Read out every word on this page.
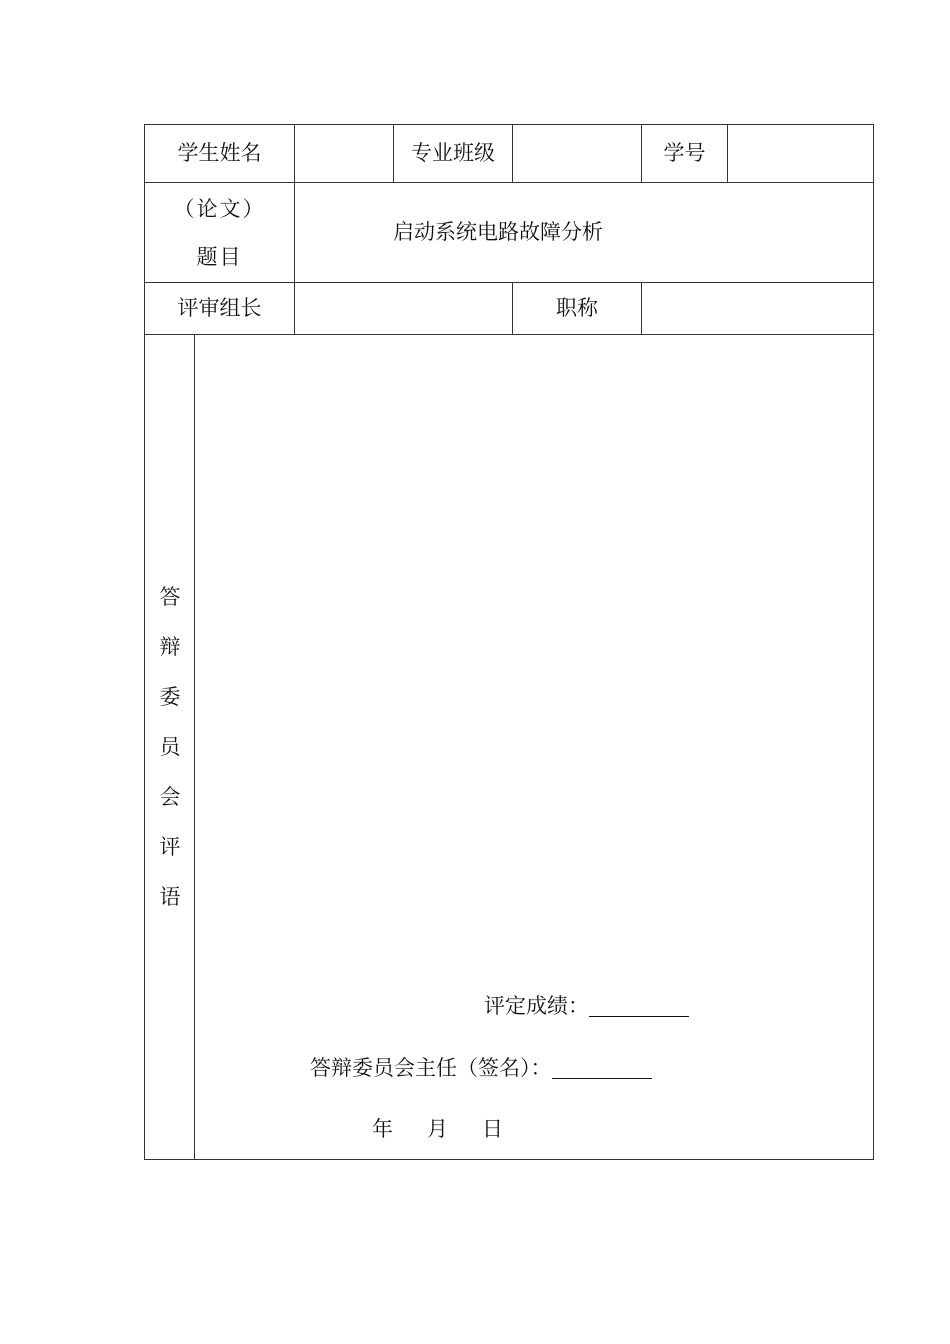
学生姓名			专业班级		学号	
（论文）题目		启动系统电路故障分析				
评审组长				职称		

答辩委员会评语	评定成绩：
答辩委员会主任（签名）：
年 月 日					
